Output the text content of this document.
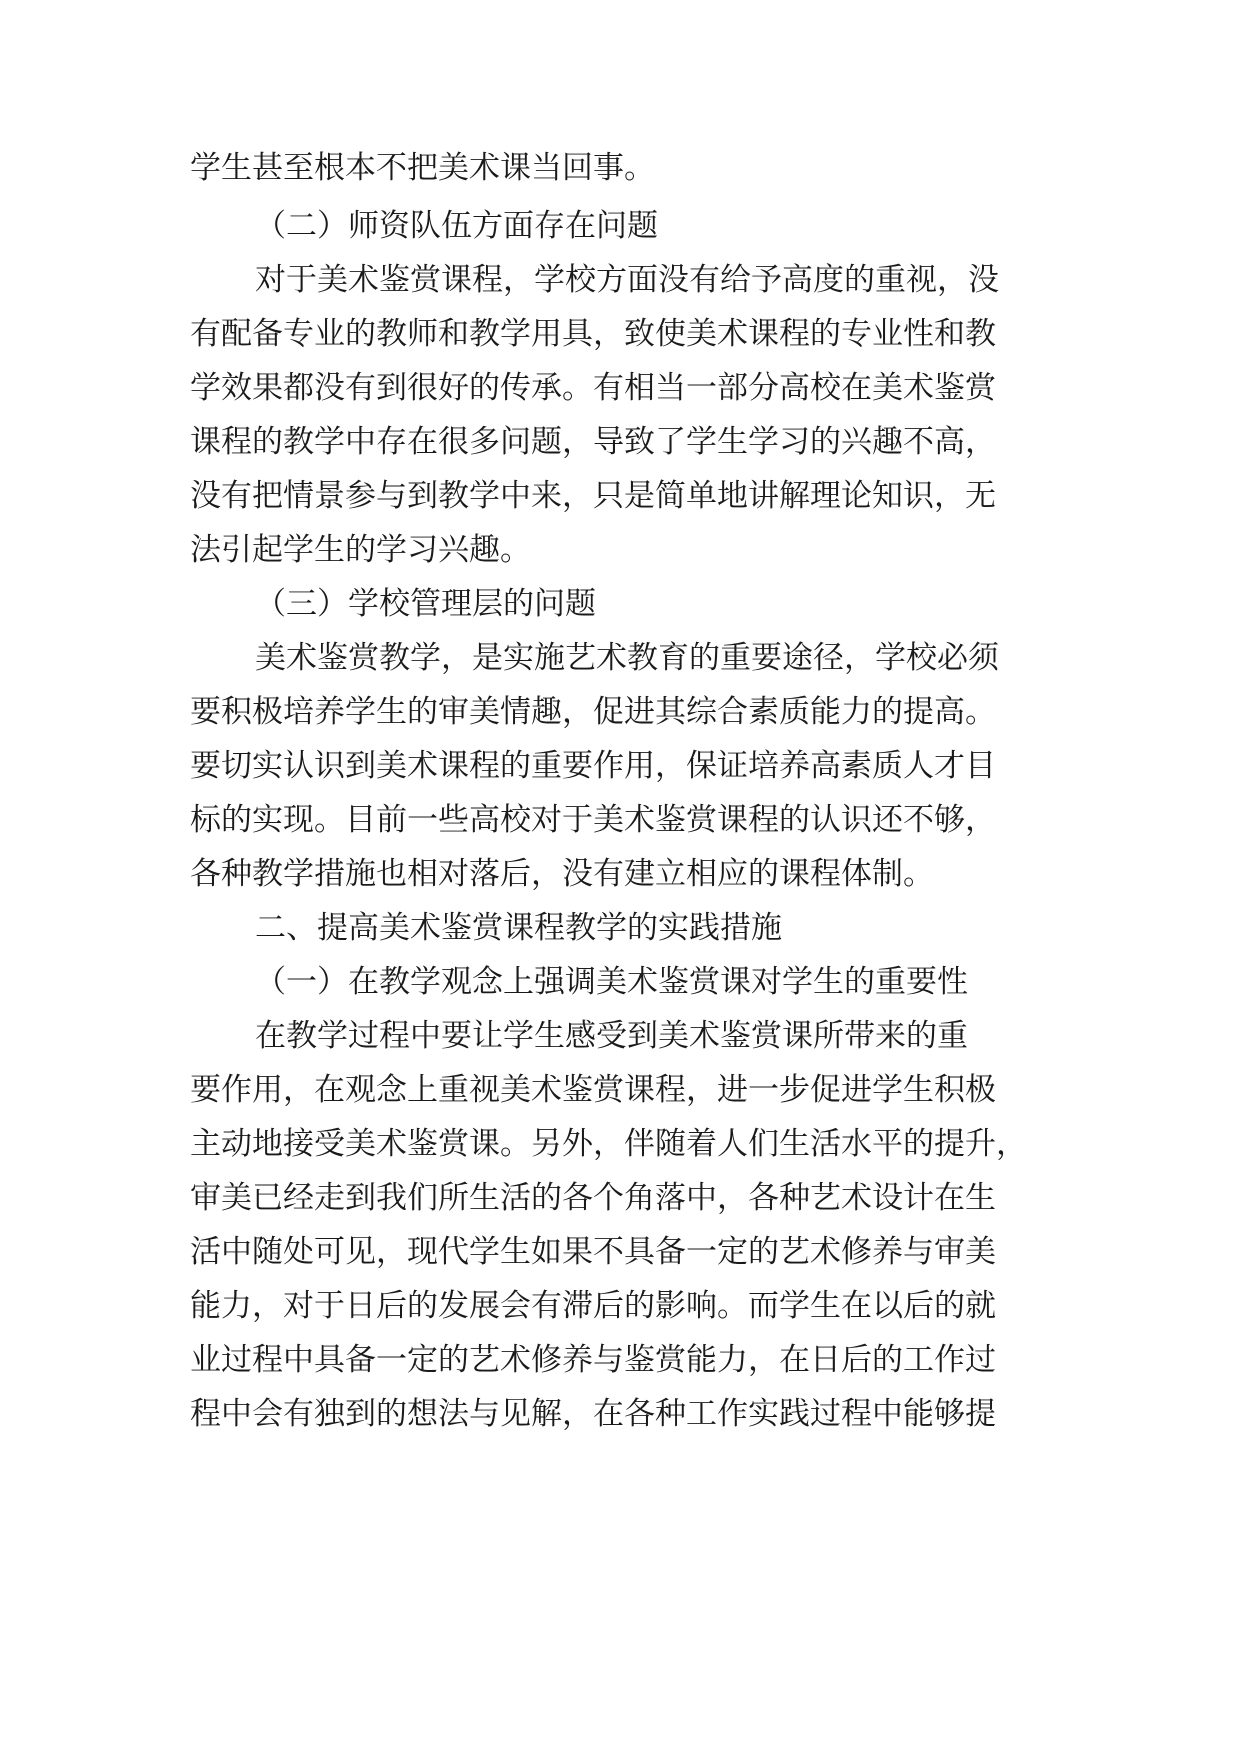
学生甚至根本不把美术课当回事。
（二）师资队伍方面存在问题
对于美术鉴赏课程，学校方面没有给予高度的重视，没
有配备专业的教师和教学用具，致使美术课程的专业性和教
学效果都没有到很好的传承。有相当一部分高校在美术鉴赏
课程的教学中存在很多问题，导致了学生学习的兴趣不高，
没有把情景参与到教学中来，只是简单地讲解理论知识，无
法引起学生的学习兴趣。
（三）学校管理层的问题
美术鉴赏教学，是实施艺术教育的重要途径，学校必须
要积极培养学生的审美情趣，促进其综合素质能力的提高。
要切实认识到美术课程的重要作用，保证培养高素质人才目
标的实现。目前一些高校对于美术鉴赏课程的认识还不够，
各种教学措施也相对落后，没有建立相应的课程体制。
二、提高美术鉴赏课程教学的实践措施
（一）在教学观念上强调美术鉴赏课对学生的重要性
在教学过程中要让学生感受到美术鉴赏课所带来的重
要作用，在观念上重视美术鉴赏课程，进一步促进学生积极
主动地接受美术鉴赏课。另外，伴随着人们生活水平的提升，
审美已经走到我们所生活的各个角落中，各种艺术设计在生
活中随处可见，现代学生如果不具备一定的艺术修养与审美
能力，对于日后的发展会有滞后的影响。而学生在以后的就
业过程中具备一定的艺术修养与鉴赏能力，在日后的工作过
程中会有独到的想法与见解，在各种工作实践过程中能够提
